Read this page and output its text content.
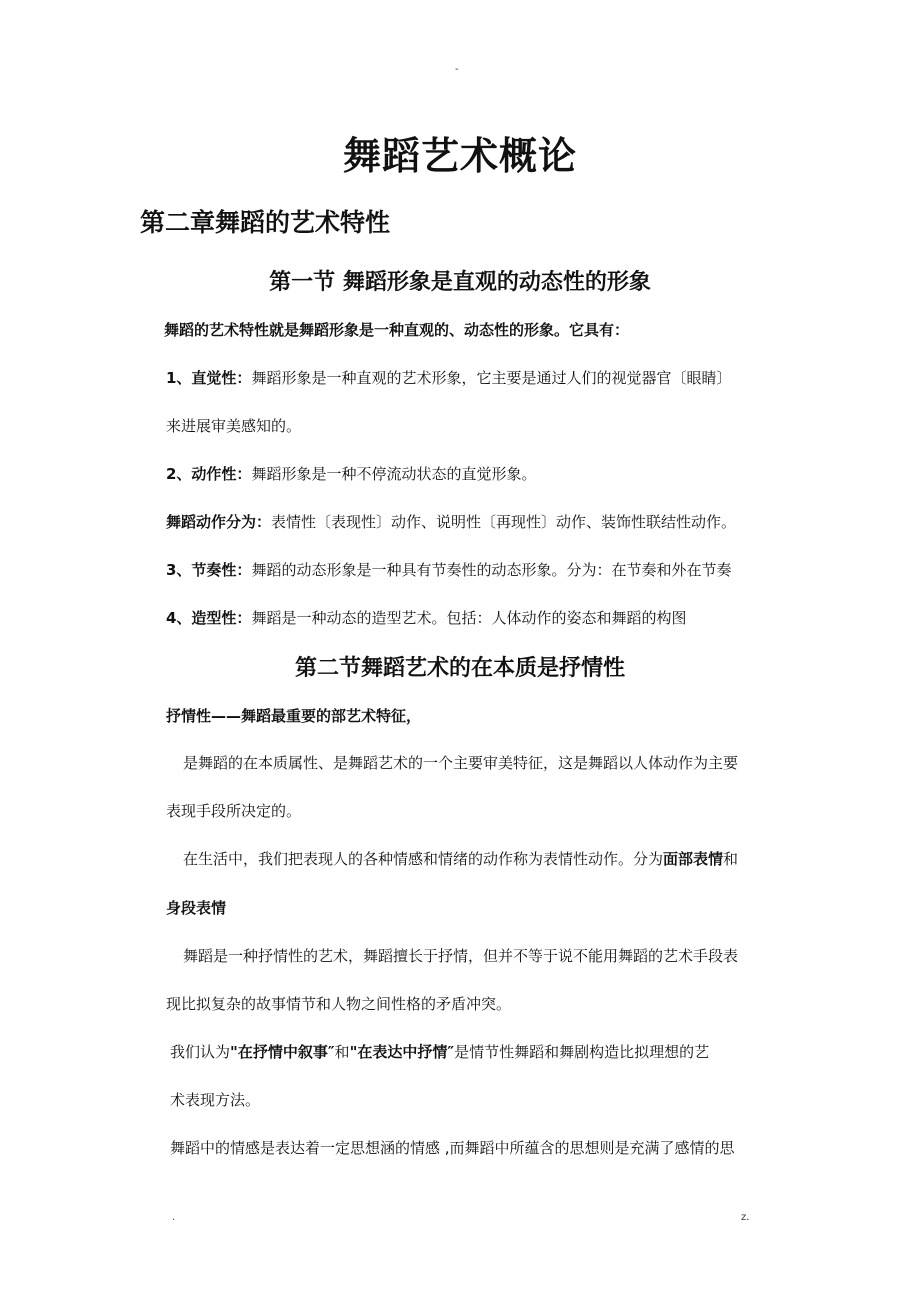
-
舞蹈艺术概论
第二章舞蹈的艺术特性
第一节 舞蹈形象是直观的动态性的形象
舞蹈的艺术特性就是舞蹈形象是一种直观的、动态性的形象。它具有：
1、直觉性：舞蹈形象是一种直观的艺术形象，它主要是通过人们的视觉器官〔眼睛〕
来进展审美感知的。
2、动作性：舞蹈形象是一种不停流动状态的直觉形象。
舞蹈动作分为：表情性〔表现性〕动作、说明性〔再现性〕动作、装饰性联结性动作。
3、节奏性：舞蹈的动态形象是一种具有节奏性的动态形象。分为：在节奏和外在节奏
4、造型性：舞蹈是一种动态的造型艺术。包括：人体动作的姿态和舞蹈的构图
第二节舞蹈艺术的在本质是抒情性
抒情性——舞蹈最重要的部艺术特征，
是舞蹈的在本质属性、是舞蹈艺术的一个主要审美特征，这是舞蹈以人体动作为主要
表现手段所决定的。
在生活中，我们把表现人的各种情感和情绪的动作称为表情性动作。分为面部表情和
身段表情
舞蹈是一种抒情性的艺术，舞蹈擅长于抒情，但并不等于说不能用舞蹈的艺术手段表
现比拟复杂的故事情节和人物之间性格的矛盾冲突。
我们认为"在抒情中叙事″和"在表达中抒情″是情节性舞蹈和舞剧构造比拟理想的艺
术表现方法。
舞蹈中的情感是表达着一定思想涵的情感 ,而舞蹈中所蕴含的思想则是充满了感情的思
.	z.
